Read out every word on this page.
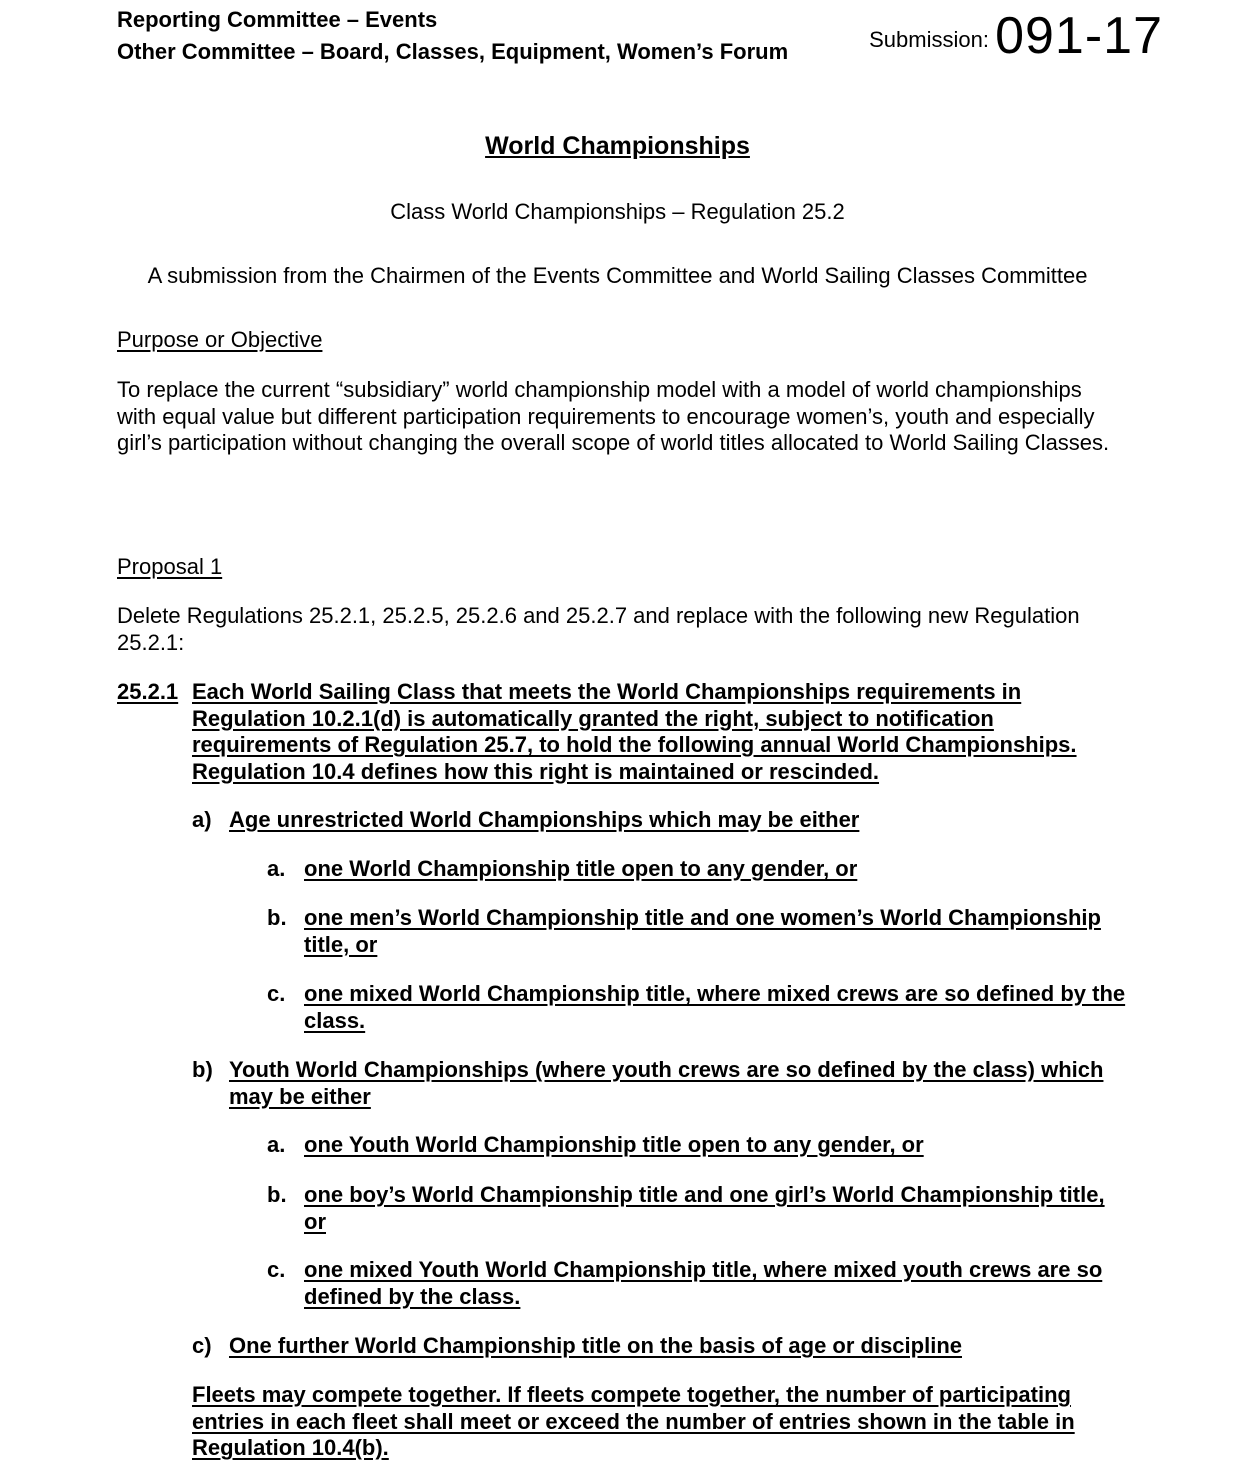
Reporting Committee – Events
Other Committee – Board, Classes, Equipment, Women’s Forum	Submission: 091-17
World Championships
Class World Championships – Regulation 25.2
A submission from the Chairmen of the Events Committee and World Sailing Classes Committee
Purpose or Objective
To replace the current “subsidiary” world championship model with a model of world championships with equal value but different participation requirements to encourage women’s, youth and especially girl’s participation without changing the overall scope of world titles allocated to World Sailing Classes.
Proposal 1
Delete Regulations 25.2.1, 25.2.5, 25.2.6 and 25.2.7 and replace with the following new Regulation 25.2.1:
25.2.1 Each World Sailing Class that meets the World Championships requirements in Regulation 10.2.1(d) is automatically granted the right, subject to notification requirements of Regulation 25.7, to hold the following annual World Championships. Regulation 10.4 defines how this right is maintained or rescinded.
a) Age unrestricted World Championships which may be either
a. one World Championship title open to any gender, or
b. one men’s World Championship title and one women’s World Championship title, or
c. one mixed World Championship title, where mixed crews are so defined by the class.
b) Youth World Championships (where youth crews are so defined by the class) which may be either
a. one Youth World Championship title open to any gender, or
b. one boy’s World Championship title and one girl’s World Championship title, or
c. one mixed Youth World Championship title, where mixed youth crews are so defined by the class.
c) One further World Championship title on the basis of age or discipline
Fleets may compete together. If fleets compete together, the number of participating entries in each fleet shall meet or exceed the number of entries shown in the table in Regulation 10.4(b).
